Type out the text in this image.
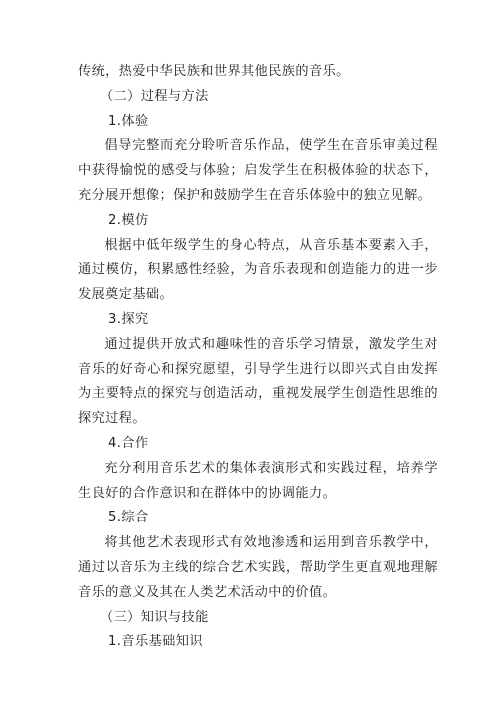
传统，热爱中华民族和世界其他民族的音乐。

（二）过程与方法

1.体验

倡导完整而充分聆听音乐作品，使学生在音乐审美过程中获得愉悦的感受与体验；启发学生在积极体验的状态下，充分展开想像；保护和鼓励学生在音乐体验中的独立见解。

2.模仿

根据中低年级学生的身心特点，从音乐基本要素入手，通过模仿，积累感性经验，为音乐表现和创造能力的进一步发展奠定基础。

3.探究

通过提供开放式和趣味性的音乐学习情景，激发学生对音乐的好奇心和探究愿望，引导学生进行以即兴式自由发挥为主要特点的探究与创造活动，重视发展学生创造性思维的探究过程。

4.合作

充分利用音乐艺术的集体表演形式和实践过程，培养学生良好的合作意识和在群体中的协调能力。

5.综合

将其他艺术表现形式有效地渗透和运用到音乐教学中，通过以音乐为主线的综合艺术实践，帮助学生更直观地理解音乐的意义及其在人类艺术活动中的价值。

（三）知识与技能

1.音乐基础知识
